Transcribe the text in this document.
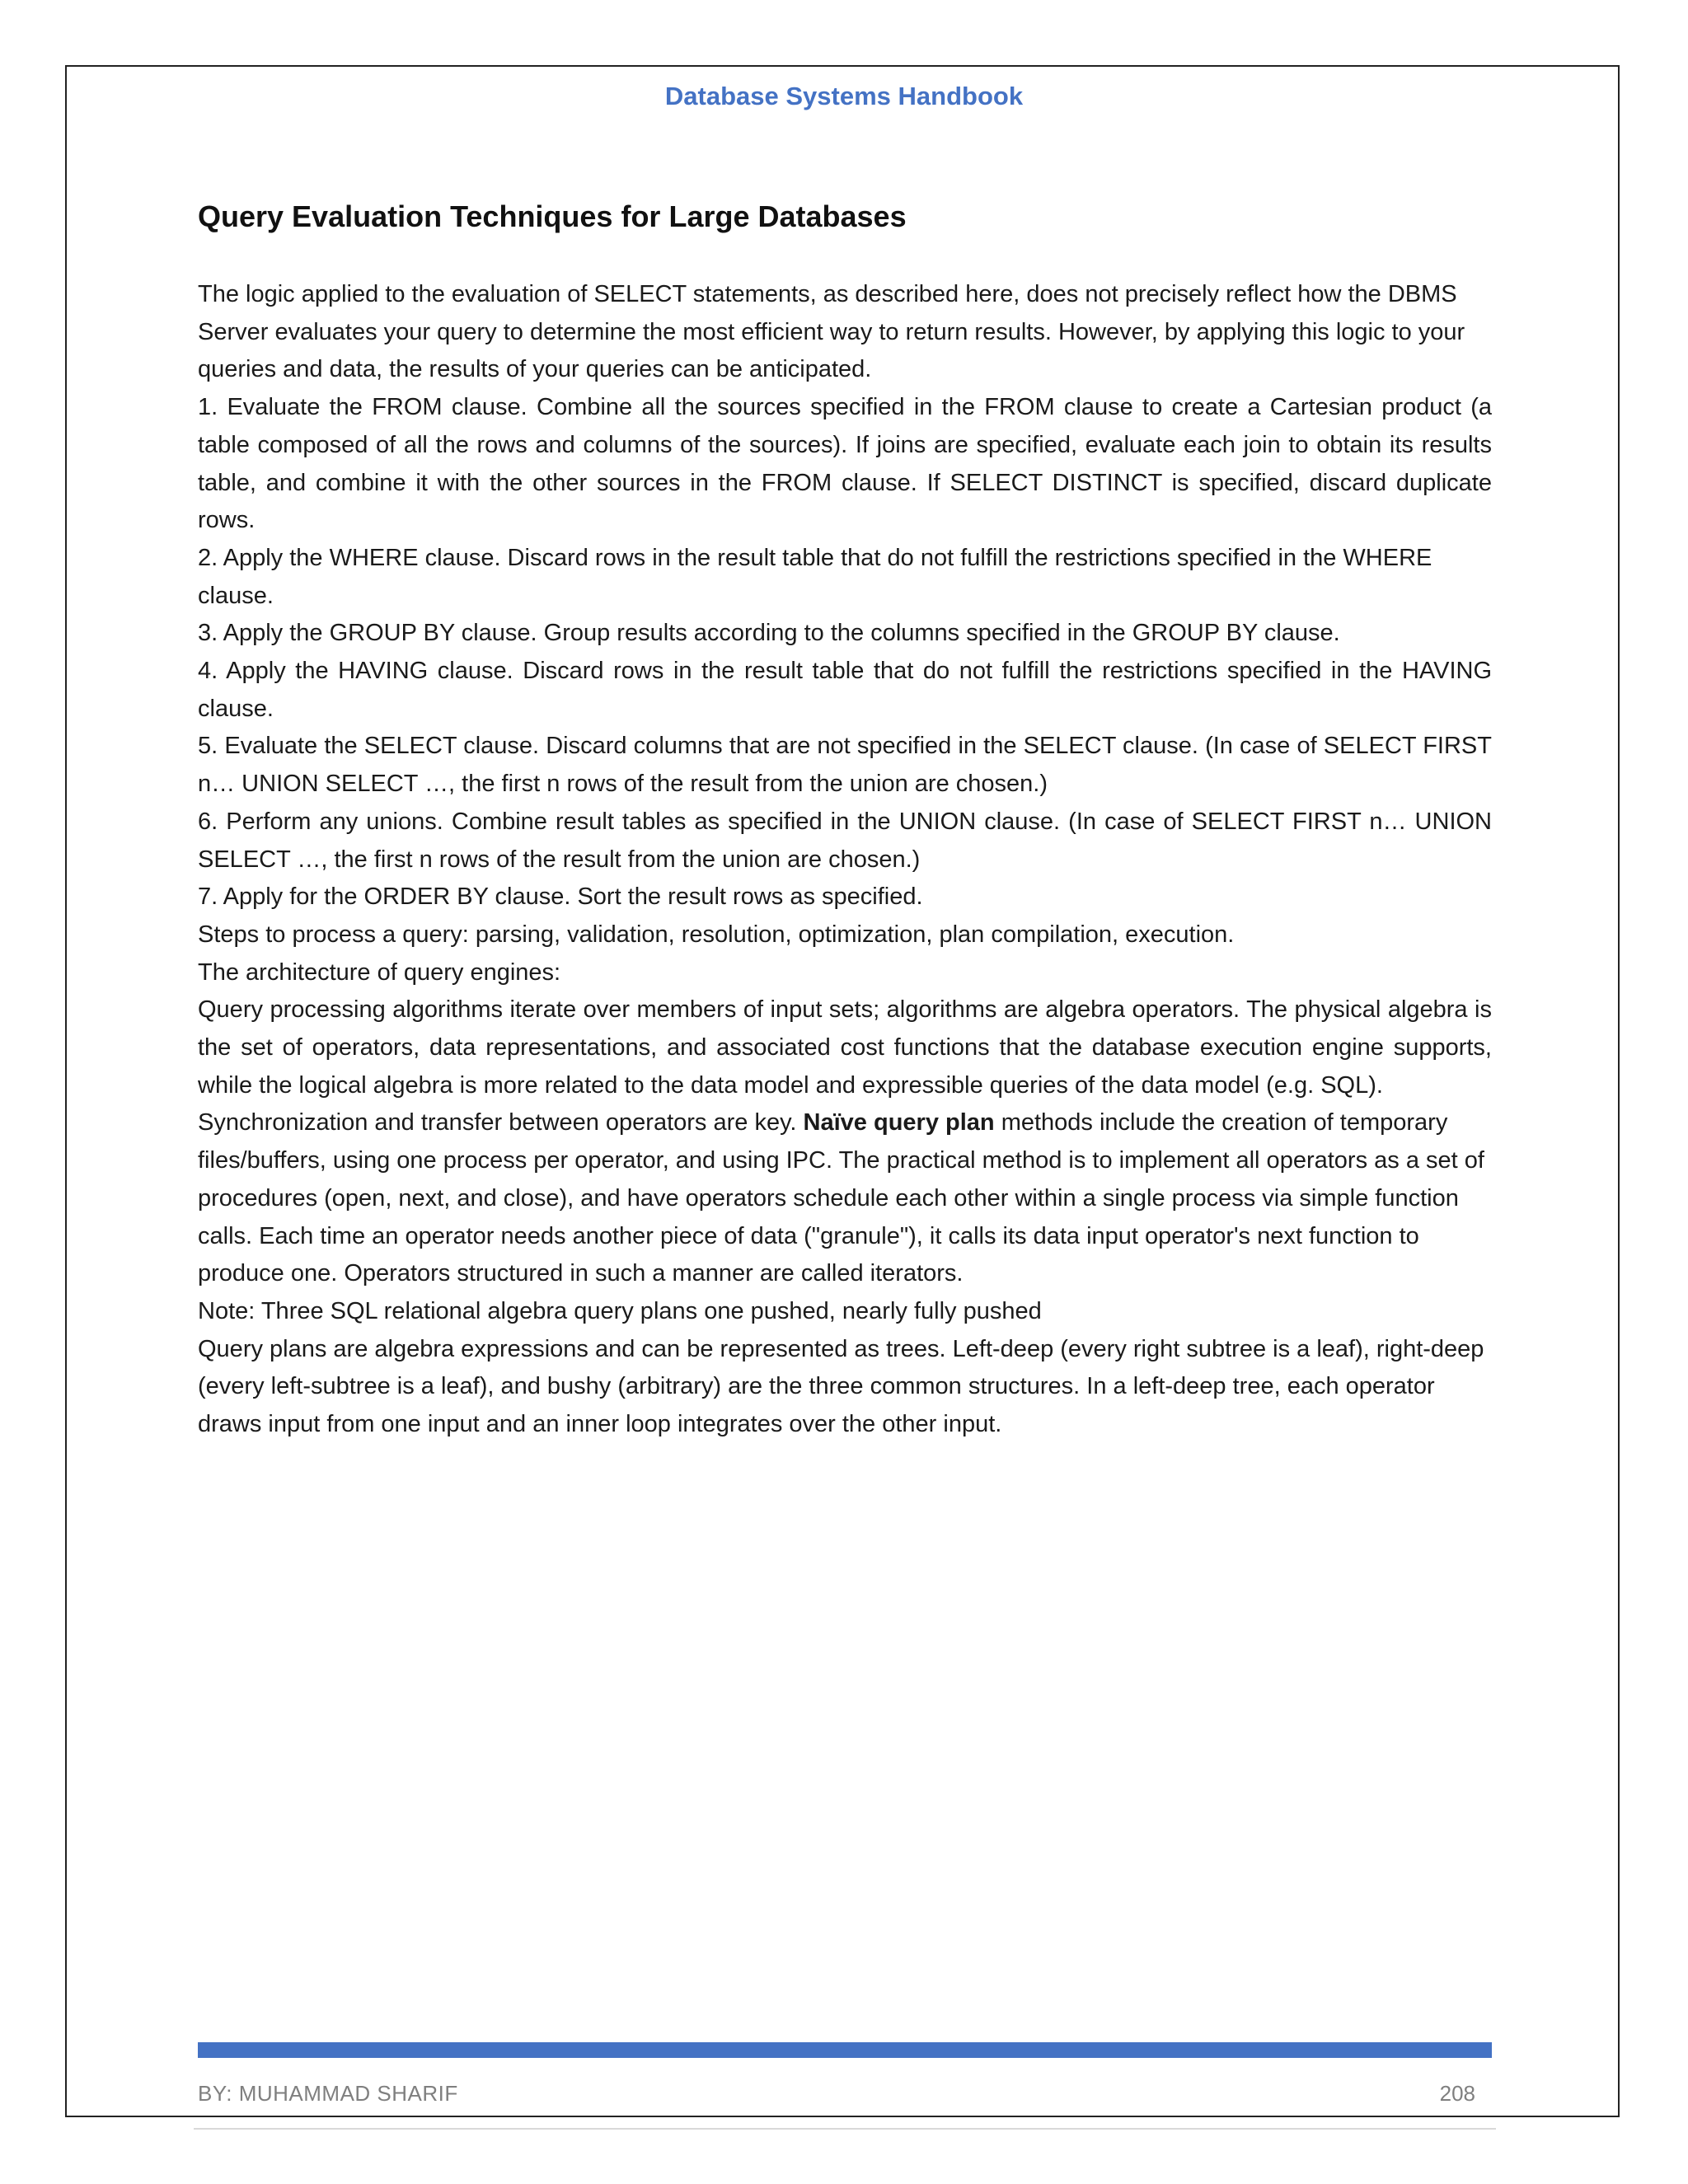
Database Systems Handbook
Query Evaluation Techniques for Large Databases

The logic applied to the evaluation of SELECT statements, as described here, does not precisely reflect how the DBMS Server evaluates your query to determine the most efficient way to return results. However, by applying this logic to your queries and data, the results of your queries can be anticipated.

1. Evaluate the FROM clause. Combine all the sources specified in the FROM clause to create a Cartesian product (a table composed of all the rows and columns of the sources). If joins are specified, evaluate each join to obtain its results table, and combine it with the other sources in the FROM clause. If SELECT DISTINCT is specified, discard duplicate rows.

2. Apply the WHERE clause. Discard rows in the result table that do not fulfill the restrictions specified in the WHERE clause.

3. Apply the GROUP BY clause. Group results according to the columns specified in the GROUP BY clause.

4. Apply the HAVING clause. Discard rows in the result table that do not fulfill the restrictions specified in the HAVING clause.

5. Evaluate the SELECT clause. Discard columns that are not specified in the SELECT clause. (In case of SELECT FIRST n… UNION SELECT …, the first n rows of the result from the union are chosen.)

6. Perform any unions. Combine result tables as specified in the UNION clause. (In case of SELECT FIRST n… UNION SELECT …, the first n rows of the result from the union are chosen.)

7. Apply for the ORDER BY clause. Sort the result rows as specified.

Steps to process a query: parsing, validation, resolution, optimization, plan compilation, execution.

The architecture of query engines:

Query processing algorithms iterate over members of input sets; algorithms are algebra operators. The physical algebra is the set of operators, data representations, and associated cost functions that the database execution engine supports, while the logical algebra is more related to the data model and expressible queries of the data model (e.g. SQL).

Synchronization and transfer between operators are key. Naïve query plan methods include the creation of temporary files/buffers, using one process per operator, and using IPC. The practical method is to implement all operators as a set of procedures (open, next, and close), and have operators schedule each other within a single process via simple function calls. Each time an operator needs another piece of data ("granule"), it calls its data input operator's next function to produce one. Operators structured in such a manner are called iterators.

Note: Three SQL relational algebra query plans one pushed, nearly fully pushed

Query plans are algebra expressions and can be represented as trees. Left-deep (every right subtree is a leaf), right-deep (every left-subtree is a leaf), and bushy (arbitrary) are the three common structures. In a left-deep tree, each operator draws input from one input and an inner loop integrates over the other input.

BY: MUHAMMAD SHARIF	208
